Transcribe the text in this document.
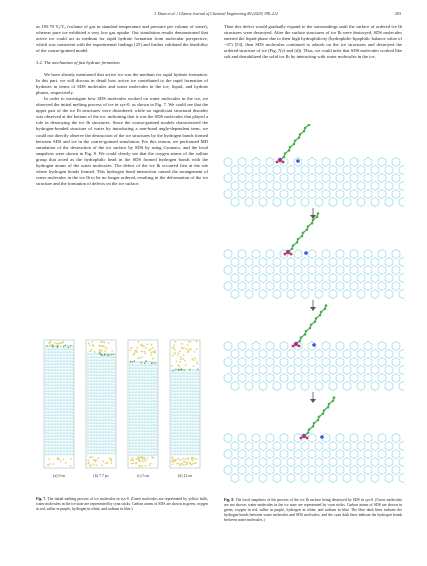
J. Duan et al. / Chinese Journal of Chemical Engineering 80 (2025) 198–212	203

as 185.70 Vₑ/Vₒ (volume of gas in standard temperature and pressure per volume of water), whereas pure ice exhibited a very low gas uptake. Our simulation results demonstrated that active ice could act as medium for rapid hydrate formation from molecular perspective, which was consistent with the experimental findings [25] and further validated the feasibility of the coarse-grained model.

3.2. The mechanism of fast hydrate formation

We have already mentioned that active ice was the medium for rapid hydrate formation. In this part, we will discuss in detail how active ice contributed to the rapid formation of hydrates in terms of SDS molecules and water molecules in the ice, liquid, and hydrate phases, respectively.

In order to investigate how SDS molecules worked on water molecules in the ice, we observed the initial melting process of ice in sys-0, as shown in Fig. 7. We could see that the upper part of the ice Ih structures were disordered, while no significant structural disorder was observed at the bottom of the ice, indicating that it was the SDS molecules that played a role in destroying the ice Ih structures. Since the coarse-grained models characterized the hydrogen-bonded structure of water by introducing a non-bond angle-dependent term, we could not directly observe the destruction of the ice structures by the hydrogen bonds formed between SDS and ice in the coarse-grained simulation. For this reason, we performed MD simulation of the destruction of the ice surface by SDS by using Gromacs, and the local snapshots were shown in Fig. 8. We could clearly see that the oxygen atoms of the sulfate group that acted as the hydrophilic head in the SDS formed hydrogen bonds with the hydrogen atoms of the water molecules. The defect of the ice Ih occurred first at the site where hydrogen bonds formed. This hydrogen bond interaction caused the arrangement of water molecules in the ice Ih to be no longer ordered, resulting in the deformation of the ice structure and the formation of defects on the ice surface.

Then this defect would gradually expand to the surroundings until the surface of ordered ice Ih structures were destroyed. After the surface structures of ice Ih were destroyed, SDS molecules entered the liquid phase due to their high hydrophilicity (hydrophilic-lipophilic balance value of ~37) [53], then SDS molecules continued to adsorb on the ice structures and destroyed the ordered structure of ice (Fig. 7(c) and (d)). Thus, we could infer that SDS molecules worked like salt and destabilized the solid ice Ih by interacting with water molecules in the ice,

(a) 0 ns	(b) 7.7 ps	(c) 5 ns	(d) 12 ns
Fig. 7. The initial melting process of ice molecules in sys-0. (Guest molecules are represented by yellow balls, water molecules in the ice state are represented by cyan sticks. Carbon atoms of SDS are shown in green, oxygen in red, sulfur in purple, hydrogen in white, and sodium in blue.)
Fig. 8. The local snapshots of the process of the ice Ih surface being destroyed by SDS in sys-0. (Guest molecules are not shown, water molecules in the ice state are represented by cyan sticks. Carbon atoms of SDS are shown in green, oxygen in red, sulfur in purple, hydrogen in white, and sodium in blue. The blue dash lines indicate the hydrogen bonds between water molecules and SDS molecules, and the cyan dash lines indicate the hydrogen bonds between water molecules.)
